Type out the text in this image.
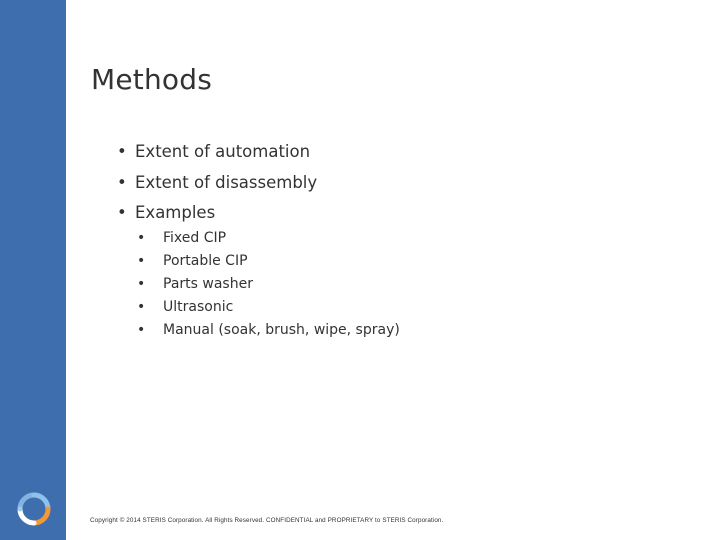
Methods
• Extent of automation
• Extent of disassembly
• Examples
• Fixed CIP
• Portable CIP
• Parts washer
• Ultrasonic
• Manual (soak, brush, wipe, spray)
Copyright © 2014 STERIS Corporation. All Rights Reserved. CONFIDENTIAL and PROPRIETARY to STERIS Corporation.
